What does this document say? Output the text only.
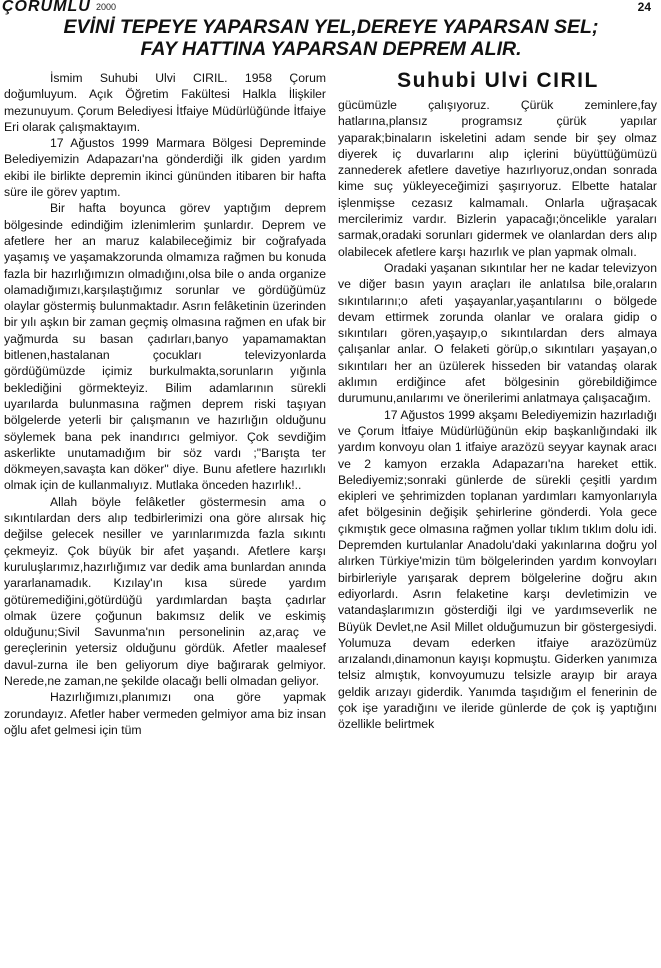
ÇORUMLU 2000	24
EVİNİ TEPEYE YAPARSAN YEL,DEREYE YAPARSAN SEL;
FAY HATTINA YAPARSAN DEPREM ALIR.
Suhubi Ulvi CIRIL

İsmim Suhubi Ulvi CIRIL. 1958 Çorum doğumluyum. Açık Öğretim Fakültesi Halkla İlişkiler mezunuyum. Çorum Belediyesi İtfaiye Müdürlüğünde İtfaiye Eri olarak çalışmaktayım.

17 Ağustos 1999 Marmara Bölgesi Depreminde Belediyemizin Adapazarı'na gönderdiği ilk giden yardım ekibi ile birlikte depremin ikinci gününden itibaren bir hafta süre ile görev yaptım.

Bir hafta boyunca görev yaptığım deprem bölgesinde edindiğim izlenimlerim şunlardır. Deprem ve afetlere her an maruz kalabileceğimiz bir coğrafyada yaşamış ve yaşamakzorunda olmamıza rağmen bu konuda fazla bir hazırlığımızın olmadığını,olsa bile o anda organize olamadığımızı,karşılaştığımız sorunlar ve gördüğümüz olaylar göstermiş bulunmaktadır. Asrın felâketinin üzerinden bir yılı aşkın bir zaman geçmiş olmasına rağmen en ufak bir yağmurda su basan çadırları,banyo yapamamaktan bitlenen,hastalanan çocukları televizyonlarda gördüğümüzde içimiz burkulmakta,sorunların yığınla beklediğini görmekteyiz. Bilim adamlarının sürekli uyarılarda bulunmasına rağmen deprem riski taşıyan bölgelerde yeterli bir çalışmanın ve hazırlığın olduğunu söylemek bana pek inandırıcı gelmiyor. Çok sevdiğim askerlikte unutamadığım bir söz vardı ;"Barışta ter dökmeyen,savaşta kan döker" diye. Bunu afetlere hazırlıklı olmak için de kullanmalıyız. Mutlaka önceden hazırlık!..

Allah böyle felâketler göstermesin ama o sıkıntılardan ders alıp tedbirlerimizi ona göre alırsak hiç değilse gelecek nesiller ve yarınlarımızda fazla sıkıntı çekmeyiz. Çok büyük bir afet yaşandı. Afetlere karşı kuruluşlarımız,hazırlığımız var dedik ama bunlardan anında yararlanamadık. Kızılay'ın kısa sürede yardım götüremediğini,götürdüğü yardımlardan başta çadırlar olmak üzere çoğunun bakımsız delik ve eskimiş olduğunu;Sivil Savunma'nın personelinin az,araç ve gereçlerinin yetersiz olduğunu gördük. Afetler maalesef davul-zurna ile ben geliyorum diye bağırarak gelmiyor. Nerede,ne zaman,ne şekilde olacağı belli olmadan geliyor.

Hazırlığımızı,planımızı ona göre yapmak zorundayız. Afetler haber vermeden gelmiyor ama biz insan oğlu afet gelmesi için tüm

gücümüzle çalışıyoruz. Çürük zeminlere,fay hatlarına,plansız programsız çürük yapılar yaparak;binaların iskeletini adam sende bir şey olmaz diyerek iç duvarlarını alıp içlerini büyüttüğümüzü zannederek afetlere davetiye hazırlıyoruz,ondan sonrada kime suç yükleyeceğimizi şaşırıyoruz. Elbette hatalar işlenmişse cezasız kalmamalı. Onlarla uğraşacak mercilerimiz vardır. Bizlerin yapacağı;öncelikle yaraları sarmak,oradaki sorunları gidermek ve olanlardan ders alıp olabilecek afetlere karşı hazırlık ve plan yapmak olmalı.

Oradaki yaşanan sıkıntılar her ne kadar televizyon ve diğer basın yayın araçları ile anlatılsa bile,oraların sıkıntılarını;o afeti yaşayanlar,yaşantılarını o bölgede devam ettirmek zorunda olanlar ve oralara gidip o sıkıntıları gören,yaşayıp,o sıkıntılardan ders almaya çalışanlar anlar. O felaketi görüp,o sıkıntıları yaşayan,o sıkıntıları her an üzülerek hisseden bir vatandaş olarak aklımın erdiğince afet bölgesinin görebildiğimce durumunu,anılarımı ve önerilerimi anlatmaya çalışacağım.

17 Ağustos 1999 akşamı Belediyemizin hazırladığı ve Çorum İtfaiye Müdürlüğünün ekip başkanlığındaki ilk yardım konvoyu olan 1 itfaiye arazözü seyyar kaynak aracı ve 2 kamyon erzakla Adapazarı'na hareket ettik. Belediyemiz;sonraki günlerde de sürekli çeşitli yardım ekipleri ve şehrimizden toplanan yardımları kamyonlarıyla afet bölgesinin değişik şehirlerine gönderdi. Yola gece çıkmıştık gece olmasına rağmen yollar tıklım tıklım dolu idi. Depremden kurtulanlar Anadolu'daki yakınlarına doğru yol alırken Türkiye'mizin tüm bölgelerinden yardım konvoyları birbirleriyle yarışarak deprem bölgelerine doğru akın ediyorlardı. Asrın felaketine karşı devletimizin ve vatandaşlarımızın gösterdiği ilgi ve yardımseverlik ne Büyük Devlet,ne Asil Millet olduğumuzun bir göstergesiydi. Yolumuza devam ederken itfaiye arazözümüz arızalandı,dinamonun kayışı kopmuştu. Giderken yanımıza telsiz almıştık, konvoyumuzu telsizle arayıp bir araya geldik arızayı giderdik. Yanımda taşıdığım el fenerinin de çok işe yaradığını ve ileride günlerde de çok iş yaptığını özellikle belirtmek
